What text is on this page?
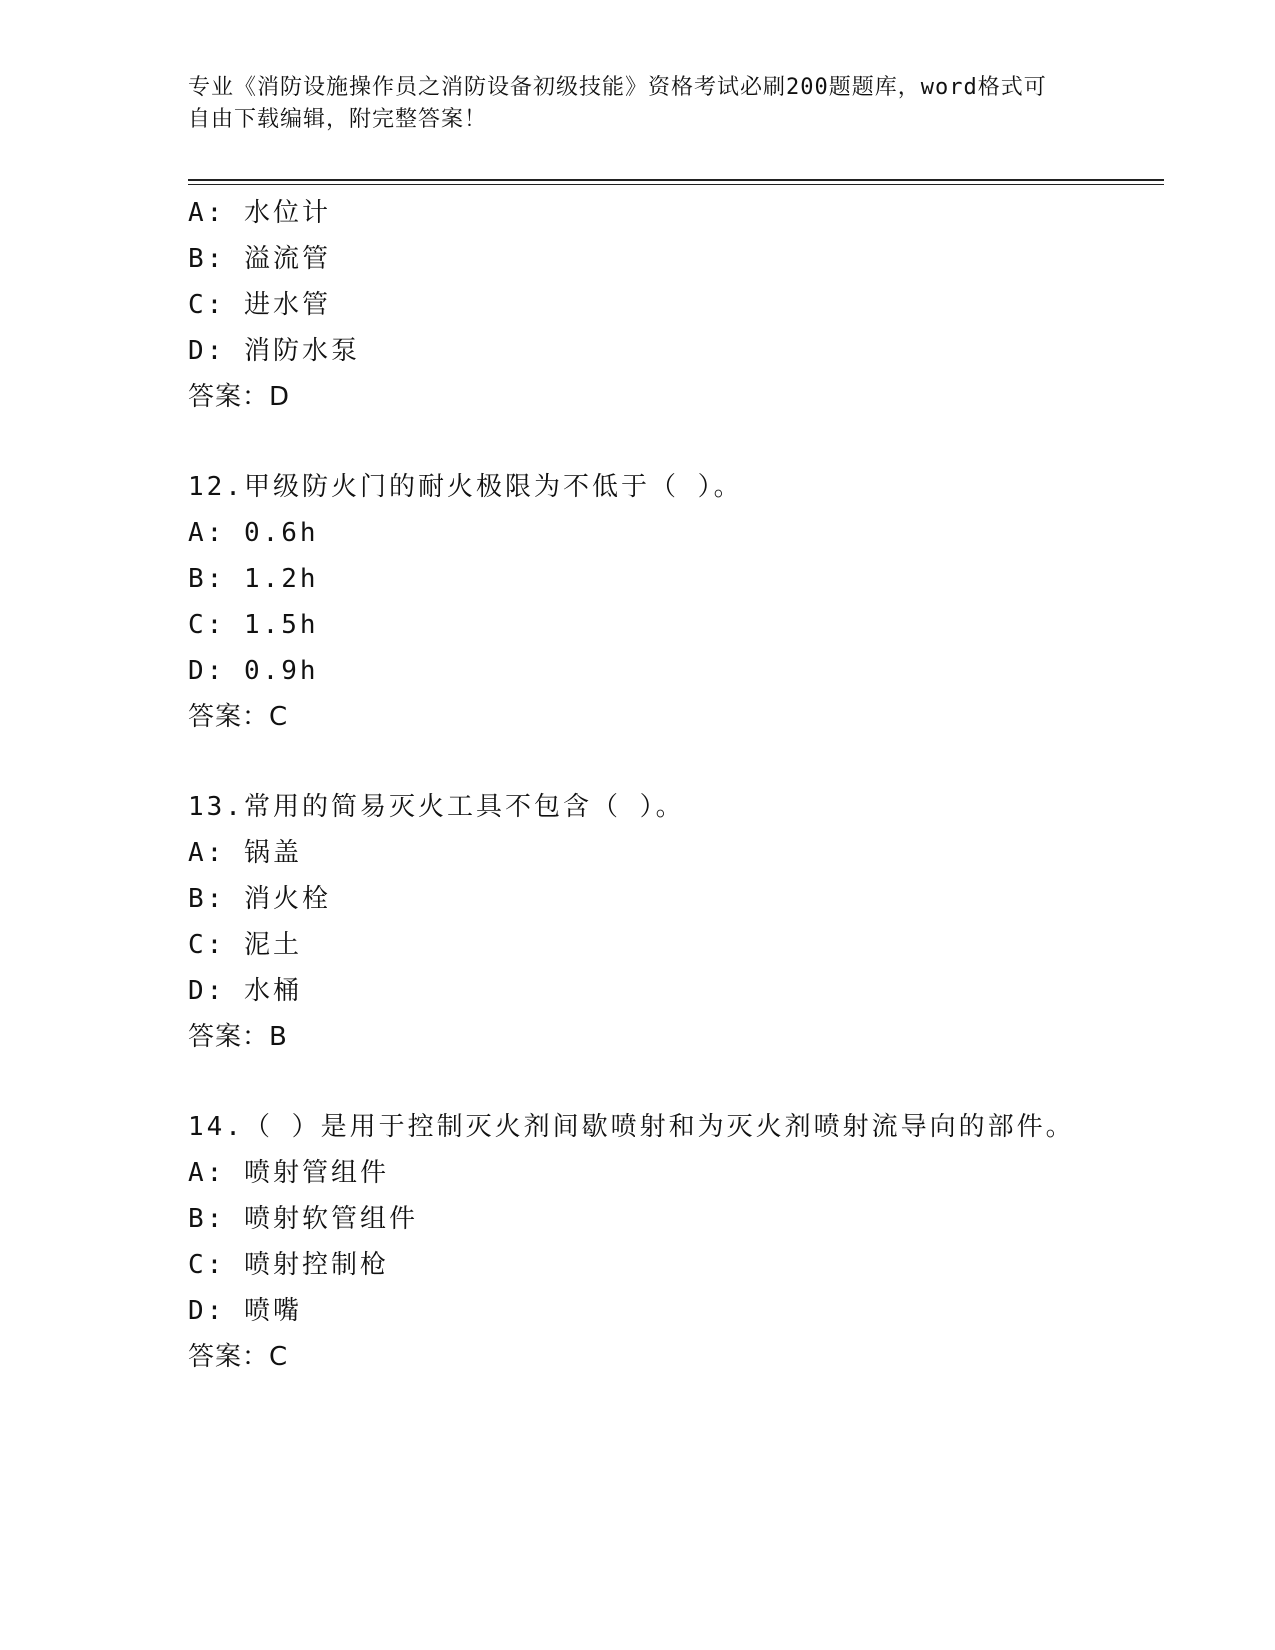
专业《消防设施操作员之消防设备初级技能》资格考试必刷200题题库，word格式可自由下载编辑，附完整答案！
A: 水位计
B: 溢流管
C: 进水管
D: 消防水泵
答案：D
12.甲级防火门的耐火极限为不低于（ ）。
A: 0.6h
B: 1.2h
C: 1.5h
D: 0.9h
答案：C
13.常用的简易灭火工具不包含（ ）。
A: 锅盖
B: 消火栓
C: 泥土
D: 水桶
答案：B
14.（ ）是用于控制灭火剂间歇喷射和为灭火剂喷射流导向的部件。
A: 喷射管组件
B: 喷射软管组件
C: 喷射控制枪
D: 喷嘴
答案：C
